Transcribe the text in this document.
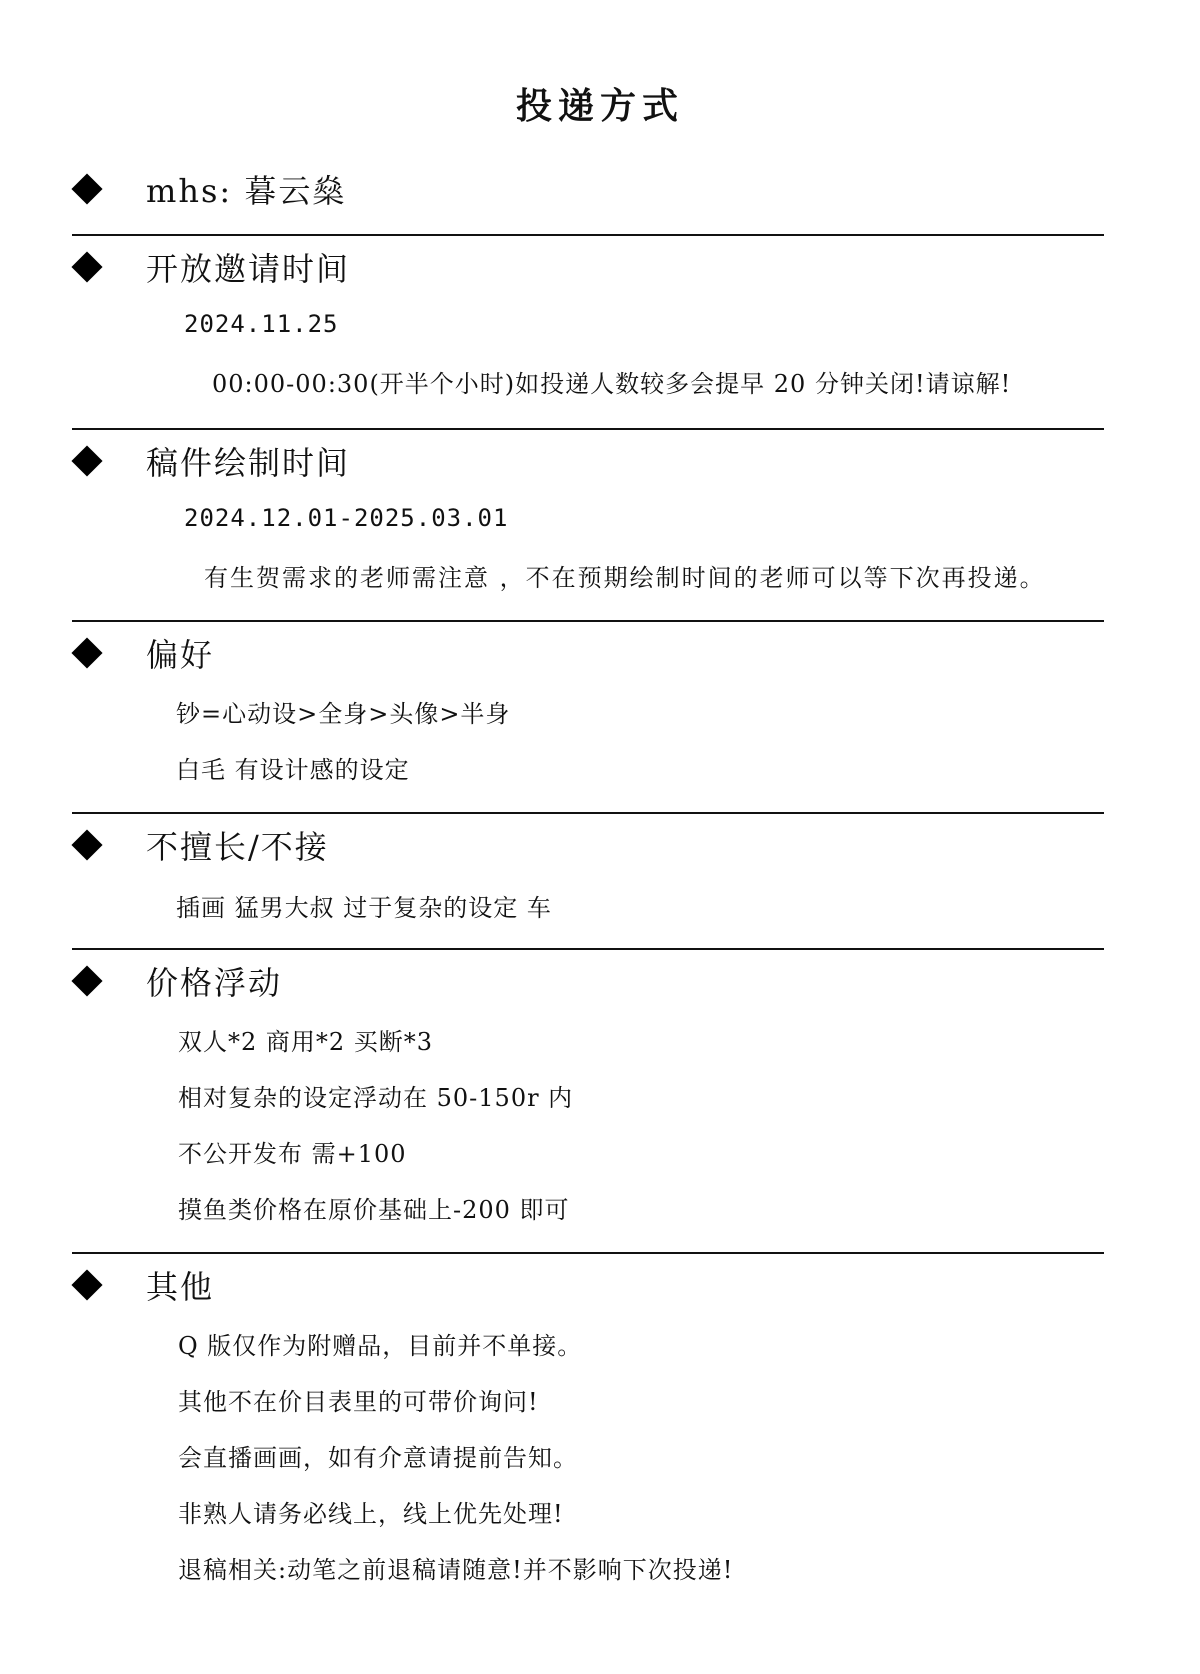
投递方式
mhs: 暮云燊
开放邀请时间
2024.11.25
00:00-00:30(开半个小时)如投递人数较多会提早 20 分钟关闭!请谅解!
稿件绘制时间
2024.12.01-2025.03.01
有生贺需求的老师需注意 ，不在预期绘制时间的老师可以等下次再投递。
偏好
钞=心动设>全身>头像>半身
白毛 有设计感的设定
不擅长/不接
插画 猛男大叔 过于复杂的设定 车
价格浮动
双人*2 商用*2 买断*3
相对复杂的设定浮动在 50-150r 内
不公开发布 需+100
摸鱼类价格在原价基础上-200 即可
其他
Q 版仅作为附赠品，目前并不单接。
其他不在价目表里的可带价询问!
会直播画画，如有介意请提前告知。
非熟人请务必线上，线上优先处理!
退稿相关:动笔之前退稿请随意!并不影响下次投递!
